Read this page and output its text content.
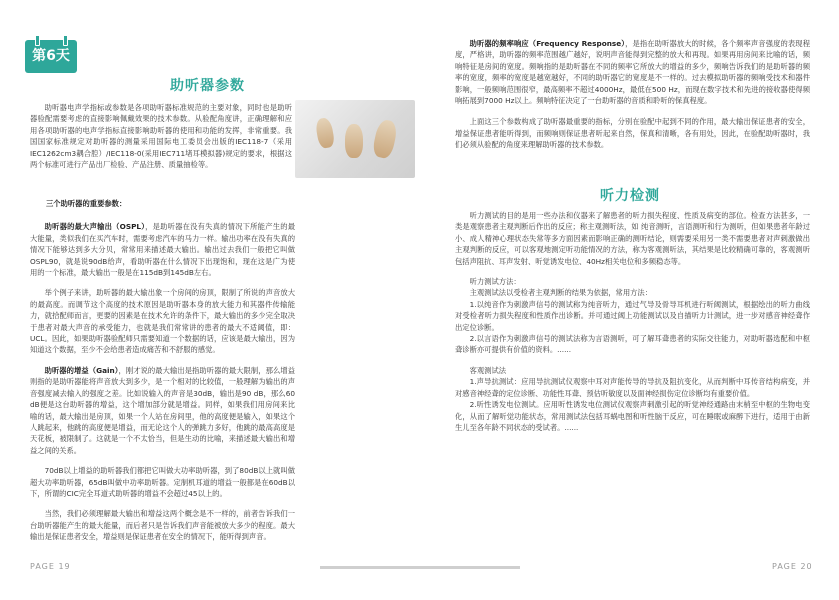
第6天
助听器参数

助听器电声学指标或参数是各项助听器标准规范的主要对象，同时也是助听器验配需要考虑的直接影响佩戴效果的技术参数。从验配角度讲，正确理解和应用各项助听器的电声学指标直接影响助听器的使用和功能的发挥，非常重要。我国国家标准规定对助听器的测量采用国际电工委员会出版的IEC118-7（采用IEC1262cm3耦合腔）/IEC118-0(采用IEC711堵耳模拟器)规定的要求，根据这两个标准可进行产品出厂检验、产品注册、质量抽检等。

三个助听器的重要参数：

助听器的最大声输出（OSPL），是助听器在没有失真的情况下所能产生的最大能量，类似我们在买汽车时，需要考虑汽车的马力一样。输出功率在没有失真的情况下能够达到多大分贝，常常用来描述最大输出。输出过去我们一般把它叫做OSPL90，就是说90dB给声，看助听器在什么情况下出现饱和，现在这是广为使用的一个标准，最大输出一般是在115dB到145dB左右。

举个例子来讲，助听器的最大输出象一个房间的房顶，限制了所说的声音放大的最高度。而调节这个高度的技术原因是助听器本身的放大能力和其器件传输能力，就拾配师而言，更要的因素是在技术允许的条件下，最大输出的多少完全取决于患者对最大声音的承受能力，也就是我们常常讲的患者的最大不适阈值，即：UCL。因此，如果助听器验配师只需要知道一个数据的话，应该是最大输出，因为知道这个数据，至少不会给患者造成痛苦和不舒服的感觉。

助听器的增益（Gain），刚才说的最大输出是指助听器的最大限制，那么增益则指的是助听器能将声音放大到多少，是一个相对的比较值，一般理解为输出的声音强度减去输入的强度之差。比如说输入的声音是30dB，输出是90 dB，那么60 dB便是这台助听器的增益，这个增加部分就是增益。同样，如果我们用房间来比喻的话，最大输出是房顶，如果一个人站在房间里，他的高度便是输入，如果这个人跳起来，他跳的高度便是增益，而无论这个人的弹跳力多好，他跳的最高高度是天花板，被限制了。这就是一个不太恰当，但是生动的比喻，来描述最大输出和增益之间的关系。

70dB以上增益的助听器我们都把它叫做大功率助听器，到了80dB以上就叫做超大功率助听器，65dB叫做中功率助听器。定制机耳道的增益一般都是在60dB以下，所谓的CIC完全耳道式助听器的增益不会超过45以上的。

当然，我们必须理解最大输出和增益这两个概念是不一样的，前者告诉我们一台助听器能产生的最大能量，而后者只是告诉我们声音能被放大多少的程度。最大输出是保证患者安全，增益则是保证患者在安全的情况下，能听得到声音。

助听器的频率响应（Frequency Response），是指在助听器放大的时候，各个频率声音强度的表现程度，严格讲，助听器的频率范围越广越好，说明声音能得到完整的放大和再现。如果再用房间来比喻的话，频响特征是房间的宽度。频响指的是助听器在不同的频率它所放大的增益的多少，频响告诉我们的是助听器的频率的宽度，频率的宽度是越宽越好，不同的助听器它的宽度是不一样的。过去模拟助听器的频响受技术和器件影响，一般频响范围很窄，最高频率不超过4000Hz，最低在500 Hz，而现在数字技术和先进的接收器使得频响拓展到7000 Hz以上。频响特征决定了一台助听器的音质和聆听的保真程度。

上面这三个参数构成了助听器最重要的指标，分别在验配中起到不同的作用，最大输出保证患者的安全，增益保证患者能听得到，而频响则保证患者听起来自然，保真和清晰，各有用处，因此，在验配助听器时，我们必须从验配的角度来理解助听器的技术参数。

听力检测

听力测试的目的是用一些办法和仪器来了解患者的听力损失程度、性质及病变的部位。检查方法甚多，一类是观察患者主观判断后作出的反应；称主观测听法，如 纯音测听，言语测听和行为测听，但如果患者年龄过小、成人精神心理状态失常等多方面因素而影响正确的测听结论，则需要采用另一类不需要患者对声刺激做出主观判断的反应，可以客观地测定听功能情况的方法，称为客观测听法，其结果是比较精确可靠的，客观测听包括声阻抗、耳声发射、听觉诱发电位、40Hz相关电位和多频稳态等。

听力测试方法：

主观测试法以受检者主观判断的结果为依据，常用方法：

1.以纯音作为刺激声信号的测试称为纯音听力，通过气导及骨导耳机进行听阈测试，根据绘出的听力曲线对受检者听力损失程度和性质作出诊断。并可通过阈上功能测试以及自描听力计测试，进一步对感音神经聋作出定位诊断。

2.以言语作为刺激声信号的测试法称为言语测听，可了解耳聋患者的实际交往能力，对助听器选配和中枢聋诊断亦可提供有价值的资料。......

客观测试法

1.声导抗测试：应用导抗测试仪观察中耳对声能传导的导抗及阻抗变化，从而判断中耳传音结构病变，并对感音神经聋的定位诊断、功能性耳聋、预估听敏度以及面神经损伤定位诊断均有重要价值。

2.听性诱发电位测试。应用听性诱发电位测试仪观察声刺激引起的听觉神经通路由末梢至中枢的生物电变化，从而了解听觉功能状态，常用测试法包括耳蜗电图和听性脑干反应，可在睡眠或麻醉下进行，适用于由新生儿至各年龄不同状态的受试者。......

PAGE 19	PAGE 20
